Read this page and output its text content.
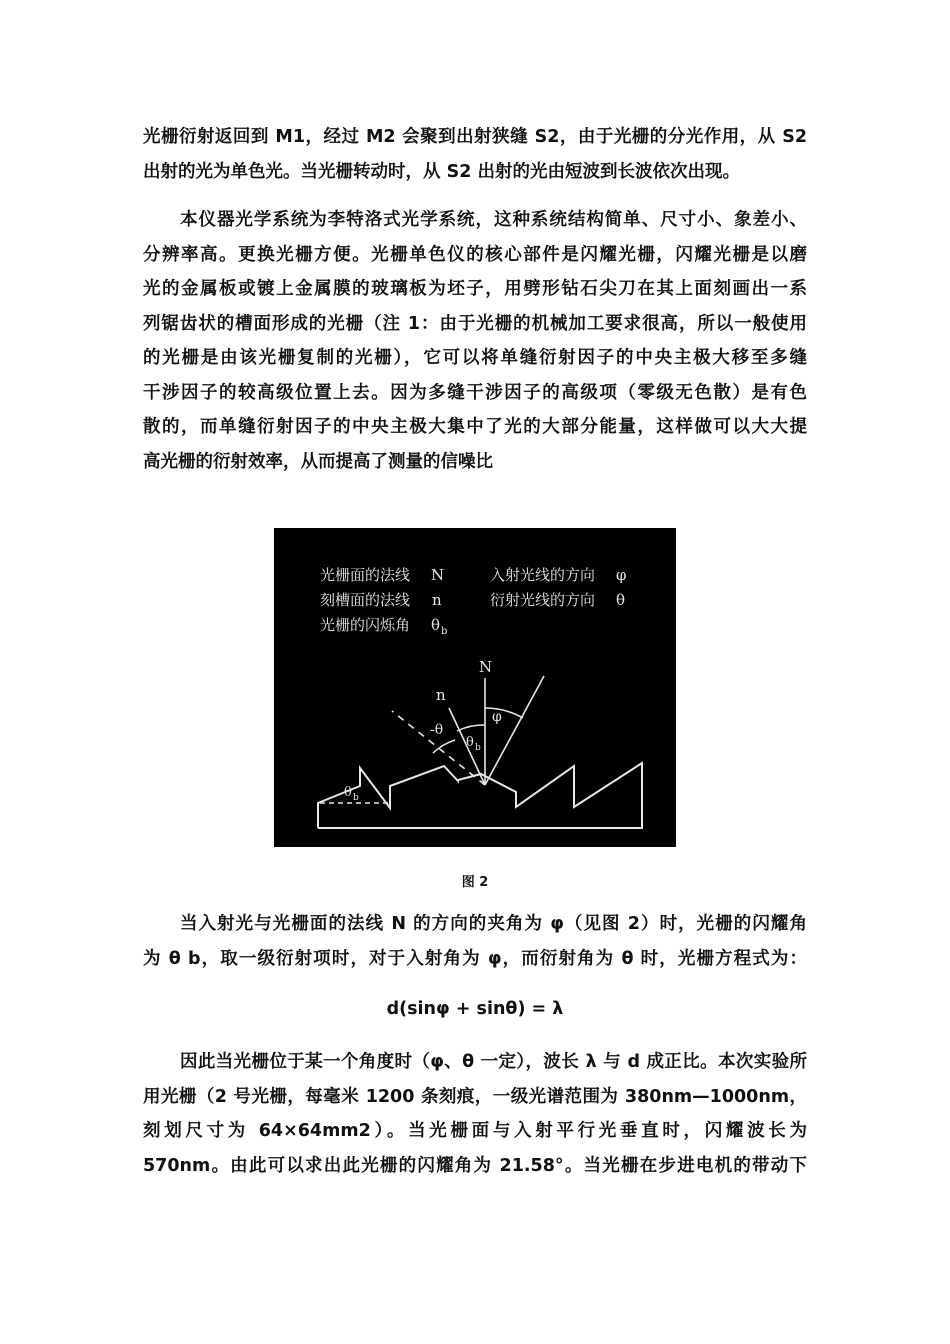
光栅衍射返回到 M1，经过 M2 会聚到出射狭缝 S2，由于光栅的分光作用，从 S2
出射的光为单色光。当光栅转动时，从 S2 出射的光由短波到长波依次出现。
本仪器光学系统为李特洛式光学系统，这种系统结构简单、尺寸小、象差小、
分辨率高。更换光栅方便。光栅单色仪的核心部件是闪耀光栅，闪耀光栅是以磨
光的金属板或镀上金属膜的玻璃板为坯子，用劈形钻石尖刀在其上面刻画出一系
列锯齿状的槽面形成的光栅（注 1：由于光栅的机械加工要求很高，所以一般使用
的光栅是由该光栅复制的光栅），它可以将单缝衍射因子的中央主极大移至多缝
干涉因子的较高级位置上去。因为多缝干涉因子的高级项（零级无色散）是有色
散的，而单缝衍射因子的中央主极大集中了光的大部分能量，这样做可以大大提
高光栅的衍射效率，从而提高了测量的信噪比
光栅面的法线 N
刻槽面的法线 n
光栅的闪烁角 θ b
入射光线的方向 φ
衍射光线的方向 θ
N
n
-θ
φ
θ b
θ b
图 2
当入射光与光栅面的法线 N 的方向的夹角为 φ（见图 2）时，光栅的闪耀角
为 θ b，取一级衍射项时，对于入射角为 φ，而衍射角为 θ 时，光栅方程式为：
d(sinφ + sinθ) = λ
因此当光栅位于某一个角度时（φ、θ 一定），波长 λ 与 d 成正比。本次实验所
用光栅（2 号光栅，每毫米 1200 条刻痕，一级光谱范围为 380nm—1000nm，
刻划尺寸为 64×64mm2）。当光栅面与入射平行光垂直时，闪耀波长为
570nm。由此可以求出此光栅的闪耀角为 21.58°。当光栅在步进电机的带动下
